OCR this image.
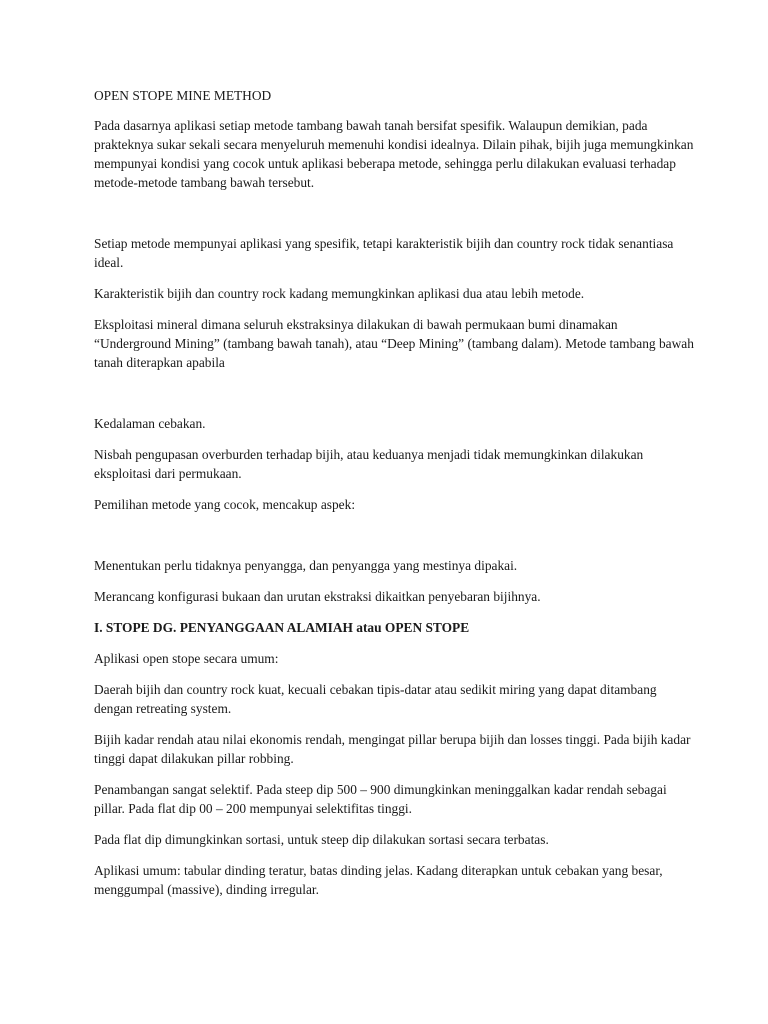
OPEN STOPE MINE METHOD

Pada dasarnya aplikasi setiap metode tambang bawah tanah bersifat spesifik. Walaupun demikian, pada prakteknya sukar sekali secara menyeluruh memenuhi kondisi idealnya. Dilain pihak, bijih juga memungkinkan mempunyai kondisi yang cocok untuk aplikasi beberapa metode, sehingga perlu dilakukan evaluasi terhadap metode-metode tambang bawah tersebut.

Setiap metode mempunyai aplikasi yang spesifik, tetapi karakteristik bijih dan country rock tidak senantiasa ideal.

Karakteristik bijih dan country rock kadang memungkinkan aplikasi dua atau lebih metode.

Eksploitasi mineral dimana seluruh ekstraksinya dilakukan di bawah permukaan bumi dinamakan “Underground Mining” (tambang bawah tanah), atau “Deep Mining” (tambang dalam). Metode tambang bawah tanah diterapkan apabila

Kedalaman cebakan.

Nisbah pengupasan overburden terhadap bijih, atau keduanya menjadi tidak memungkinkan dilakukan eksploitasi dari permukaan.

Pemilihan metode yang cocok, mencakup aspek:

Menentukan perlu tidaknya penyangga, dan penyangga yang mestinya dipakai.

Merancang konfigurasi bukaan dan urutan ekstraksi dikaitkan penyebaran bijihnya.

I. STOPE DG. PENYANGGAAN ALAMIAH atau OPEN STOPE

Aplikasi open stope secara umum:

Daerah bijih dan country rock kuat, kecuali cebakan tipis-datar atau sedikit miring yang dapat ditambang dengan retreating system.

Bijih kadar rendah atau nilai ekonomis rendah, mengingat pillar berupa bijih dan losses tinggi. Pada bijih kadar tinggi dapat dilakukan pillar robbing.

Penambangan sangat selektif. Pada steep dip 500 – 900 dimungkinkan meninggalkan kadar rendah sebagai pillar. Pada flat dip 00 – 200 mempunyai selektifitas tinggi.

Pada flat dip dimungkinkan sortasi, untuk steep dip dilakukan sortasi secara terbatas.

Aplikasi umum: tabular dinding teratur, batas dinding jelas. Kadang diterapkan untuk cebakan yang besar, menggumpal (massive), dinding irregular.
